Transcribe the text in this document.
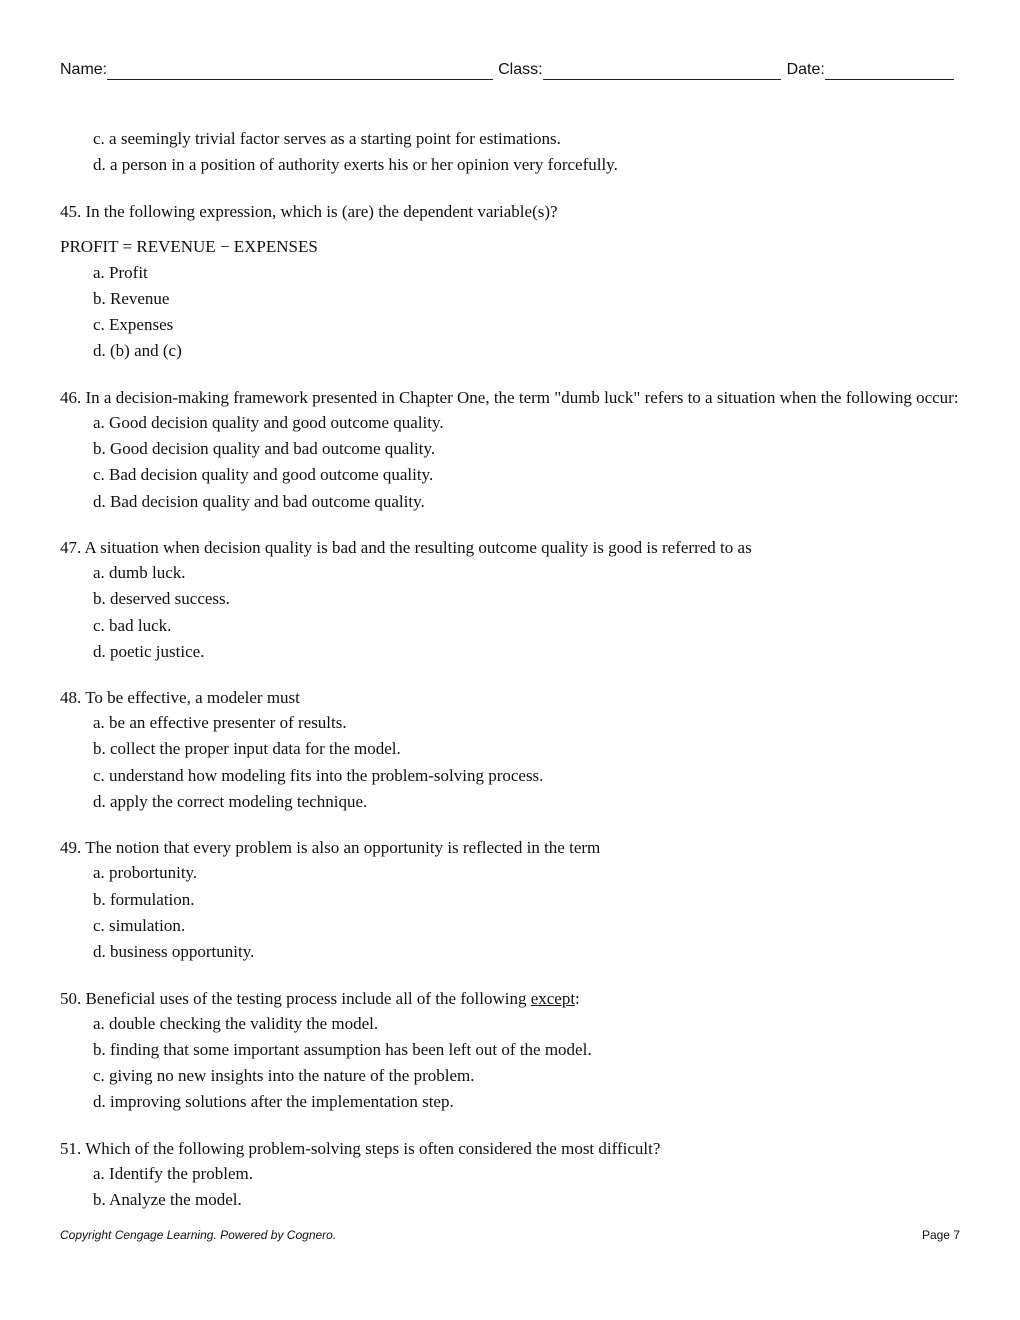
Name:	Class:	Date:
c. a seemingly trivial factor serves as a starting point for estimations.
d. a person in a position of authority exerts his or her opinion very forcefully.
45. In the following expression, which is (are) the dependent variable(s)?
PROFIT = REVENUE − EXPENSES
a. Profit
b. Revenue
c. Expenses
d. (b) and (c)
46. In a decision-making framework presented in Chapter One, the term "dumb luck" refers to a situation when the following occur:
a. Good decision quality and good outcome quality.
b. Good decision quality and bad outcome quality.
c. Bad decision quality and good outcome quality.
d. Bad decision quality and bad outcome quality.
47. A situation when decision quality is bad and the resulting outcome quality is good is referred to as
a. dumb luck.
b. deserved success.
c. bad luck.
d. poetic justice.
48. To be effective, a modeler must
a. be an effective presenter of results.
b. collect the proper input data for the model.
c. understand how modeling fits into the problem-solving process.
d. apply the correct modeling technique.
49. The notion that every problem is also an opportunity is reflected in the term
a. probortunity.
b. formulation.
c. simulation.
d. business opportunity.
50. Beneficial uses of the testing process include all of the following except:
a. double checking the validity the model.
b. finding that some important assumption has been left out of the model.
c. giving no new insights into the nature of the problem.
d. improving solutions after the implementation step.
51. Which of the following problem-solving steps is often considered the most difficult?
a. Identify the problem.
b. Analyze the model.
Copyright Cengage Learning. Powered by Cognero.	Page 7
